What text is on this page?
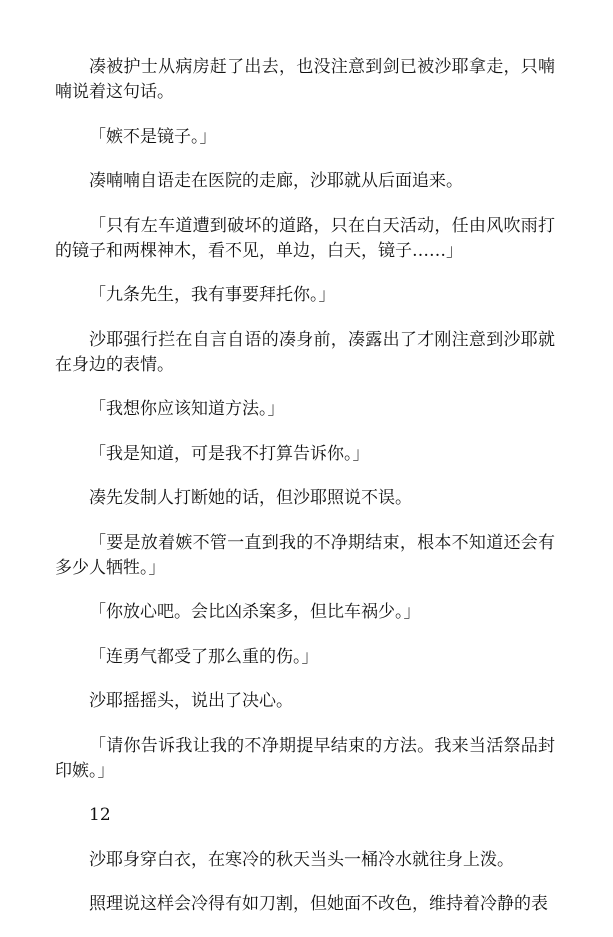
凑被护士从病房赶了出去，也没注意到剑已被沙耶拿走，只喃喃说着这句话。

「嫉不是镜子。」

凑喃喃自语走在医院的走廊，沙耶就从后面追来。

「只有左车道遭到破坏的道路，只在白天活动，任由风吹雨打的镜子和两棵神木，看不见，单边，白天，镜子……」

「九条先生，我有事要拜托你。」

沙耶强行拦在自言自语的凑身前，凑露出了才刚注意到沙耶就在身边的表情。

「我想你应该知道方法。」

「我是知道，可是我不打算告诉你。」

凑先发制人打断她的话，但沙耶照说不误。

「要是放着嫉不管一直到我的不净期结束，根本不知道还会有多少人牺牲。」

「你放心吧。会比凶杀案多，但比车祸少。」

「连勇气都受了那么重的伤。」

沙耶摇摇头，说出了决心。

「请你告诉我让我的不净期提早结束的方法。我来当活祭品封印嫉。」

12

沙耶身穿白衣，在寒冷的秋天当头一桶冷水就往身上泼。

照理说这样会冷得有如刀割，但她面不改色，维持着冷静的表
